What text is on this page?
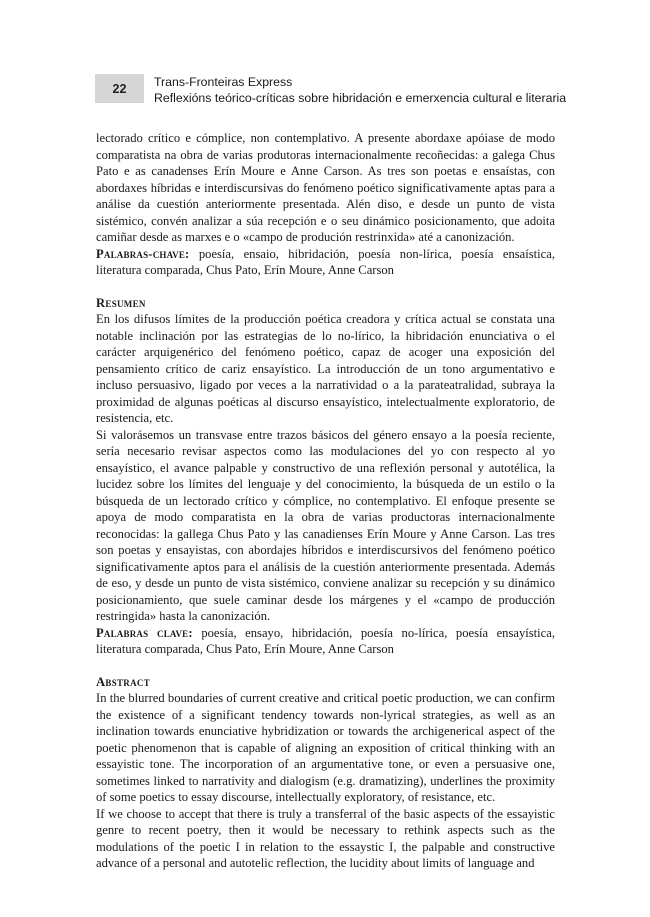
22	Trans-Fronteiras Express
Reflexións teórico-críticas sobre hibridación e emerxencia cultural e literaria

lectorado crítico e cómplice, non contemplativo. A presente abordaxe apóiase de modo comparatista na obra de varias produtoras internacionalmente recoñecidas: a galega Chus Pato e as canadenses Erín Moure e Anne Carson. As tres son poetas e ensaístas, con abordaxes híbridas e interdiscursivas do fenómeno poético significativamente aptas para a análise da cuestión anteriormente presentada. Alén diso, e desde un punto de vista sistémico, convén analizar a súa recepción e o seu dinámico posicionamento, que adoita camiñar desde as marxes e o «campo de produción restrinxida» até a canonización.

Palabras-chave: poesía, ensaio, hibridación, poesía non-lírica, poesía ensaística, literatura comparada, Chus Pato, Erín Moure, Anne Carson

Resumen

En los difusos límites de la producción poética creadora y crítica actual se constata una notable inclinación por las estrategias de lo no-lírico, la hibridación enunciativa o el carácter arquigenérico del fenómeno poético, capaz de acoger una exposición del pensamiento crítico de cariz ensayístico. La introducción de un tono argumentativo e incluso persuasivo, ligado por veces a la narratividad o a la parateatralidad, subraya la proximidad de algunas poéticas al discurso ensayístico, intelectualmente exploratorio, de resistencia, etc.

Si valorásemos un transvase entre trazos básicos del género ensayo a la poesía reciente, sería necesario revisar aspectos como las modulaciones del yo con respecto al yo ensayístico, el avance palpable y constructivo de una reflexión personal y autotélica, la lucidez sobre los límites del lenguaje y del conocimiento, la búsqueda de un estilo o la búsqueda de un lectorado crítico y cómplice, no contemplativo. El enfoque presente se apoya de modo comparatista en la obra de varias productoras internacionalmente reconocidas: la gallega Chus Pato y las canadienses Erín Moure y Anne Carson. Las tres son poetas y ensayistas, con abordajes híbridos e interdiscursivos del fenómeno poético significativamente aptos para el análisis de la cuestión anteriormente presentada. Además de eso, y desde un punto de vista sistémico, conviene analizar su recepción y su dinámico posicionamiento, que suele caminar desde los márgenes y el «campo de producción restringida» hasta la canonización.

Palabras clave: poesía, ensayo, hibridación, poesía no-lírica, poesía ensayística, literatura comparada, Chus Pato, Erín Moure, Anne Carson

Abstract

In the blurred boundaries of current creative and critical poetic production, we can confirm the existence of a significant tendency towards non-lyrical strategies, as well as an inclination towards enunciative hybridization or towards the archigenerical aspect of the poetic phenomenon that is capable of aligning an exposition of critical thinking with an essayistic tone. The incorporation of an argumentative tone, or even a persuasive one, sometimes linked to narrativity and dialogism (e.g. dramatizing), underlines the proximity of some poetics to essay discourse, intellectually exploratory, of resistance, etc.

If we choose to accept that there is truly a transferral of the basic aspects of the essayistic genre to recent poetry, then it would be necessary to rethink aspects such as the modulations of the poetic I in relation to the essaystic I, the palpable and constructive advance of a personal and autotelic reflection, the lucidity about limits of language and
